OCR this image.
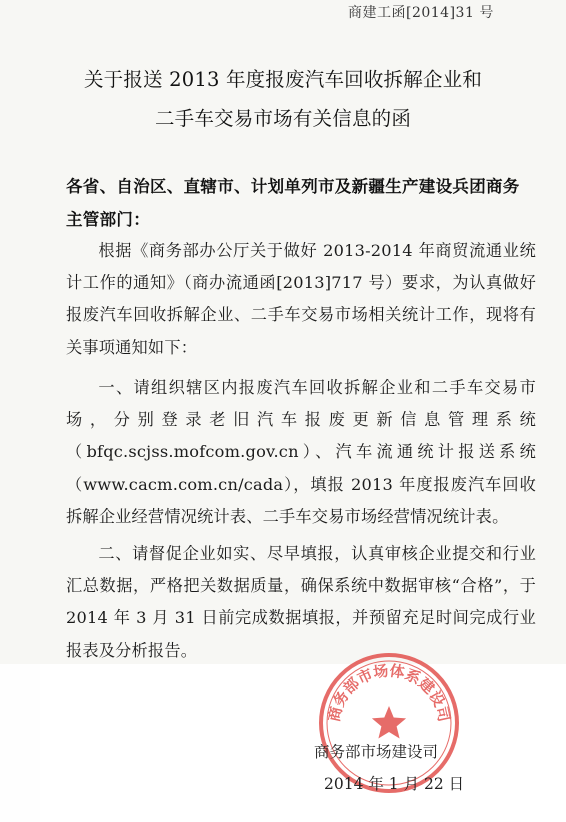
商建工函[2014]31 号
关于报送 2013 年度报废汽车回收拆解企业和
二手车交易市场有关信息的函
各省、自治区、直辖市、计划单列市及新疆生产建设兵团商务主管部门：
根据《商务部办公厅关于做好 2013-2014 年商贸流通业统计工作的通知》（商办流通函[2013]717 号）要求，为认真做好报废汽车回收拆解企业、二手车交易市场相关统计工作，现将有关事项通知如下：
一、请组织辖区内报废汽车回收拆解企业和二手车交易市场，分别登录老旧汽车报废更新信息管理系统（bfqc.scjss.mofcom.gov.cn）、汽车流通统计报送系统（www.cacm.com.cn/cada），填报 2013 年度报废汽车回收拆解企业经营情况统计表、二手车交易市场经营情况统计表。
二、请督促企业如实、尽早填报，认真审核企业提交和行业汇总数据，严格把关数据质量，确保系统中数据审核“合格”，于 2014 年 3 月 31 日前完成数据填报，并预留充足时间完成行业报表及分析报告。
商务部市场体系建设司
商务部市场建设司
2014 年 1 月 22 日
